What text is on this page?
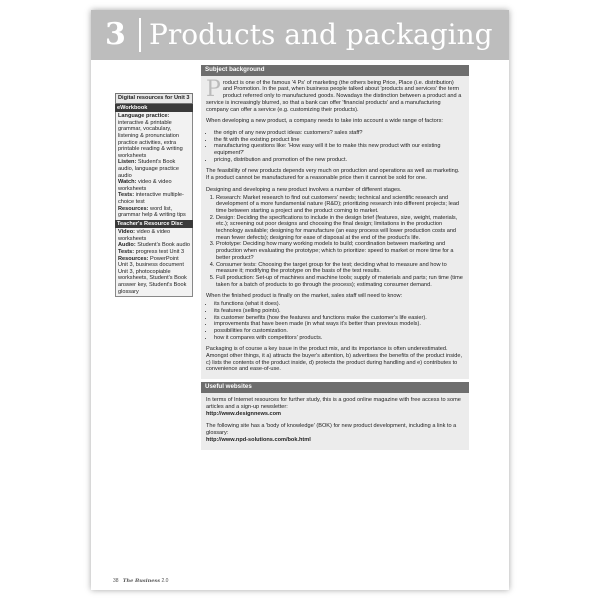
3 Products and packaging
Digital resources for Unit 3
eWorkbook
Language practice: interactive & printable grammar, vocabulary, listening & pronunciation practice activities, extra printable reading & writing worksheets
Listen: Student's Book audio, language practice audio
Watch: video & video worksheets
Tests: interactive multiple-choice test
Resources: word list, grammar help & writing tips
Teacher's Resource Disc
Video: video & video worksheets
Audio: Student's Book audio
Tests: progress test Unit 3
Resources: PowerPoint Unit 3, business document Unit 3, photocopiable worksheets, Student's Book answer key, Student's Book glossary
Subject background

Product is one of the famous '4 Ps' of marketing (the others being Price, Place (i.e. distribution) and Promotion. In the past, when business people talked about 'products and services' the term product referred only to manufactured goods. Nowadays the distinction between a product and a service is increasingly blurred, so that a bank can offer 'financial products' and a manufacturing company can offer a service (e.g. customizing their products).

When developing a new product, a company needs to take into account a wide range of factors:

• the origin of any new product ideas: customers? sales staff?
• the fit with the existing product line
• manufacturing questions like: 'How easy will it be to make this new product with our existing equipment?'
• pricing, distribution and promotion of the new product.

The feasibility of new products depends very much on production and operations as well as marketing. If a product cannot be manufactured for a reasonable price then it cannot be sold for one.

Designing and developing a new product involves a number of different stages.

1. Research: Market research to find out customers' needs; technical and scientific research and development of a more fundamental nature (R&D); prioritizing research into different projects; lead time between starting a project and the product coming to market.
2. Design: Deciding the specifications to include in the design brief (features, size, weight, materials, etc.); screening out poor designs and choosing the final design; limitations in the production technology available; designing for manufacture (an easy process will lower production costs and mean fewer defects); designing for ease of disposal at the end of the product's life.
3. Prototype: Deciding how many working models to build; coordination between marketing and production when evaluating the prototype; which to prioritize: speed to market or more time for a better product?
4. Consumer tests: Choosing the target group for the test; deciding what to measure and how to measure it; modifying the prototype on the basis of the test results.
5. Full production: Set-up of machines and machine tools; supply of materials and parts; run time (time taken for a batch of products to go through the process); estimating consumer demand.

When the finished product is finally on the market, sales staff will need to know:

• its functions (what it does).
• its features (selling points).
• its customer benefits (how the features and functions make the customer's life easier).
• improvements that have been made (in what ways it's better than previous models).
• possibilities for customization.
• how it compares with competitors' products.

Packaging is of course a key issue in the product mix, and its importance is often underestimated. Amongst other things, it a) attracts the buyer's attention, b) advertises the benefits of the product inside, c) lists the contents of the product inside, d) protects the product during handling and e) contributes to convenience and ease-of-use.

Useful websites

In terms of Internet resources for further study, this is a good online magazine with free access to some articles and a sign-up newsletter:

http://www.designnews.com

The following site has a 'body of knowledge' (BOK) for new product development, including a link to a glossary:

http://www.npd-solutions.com/bok.html

38 The Business 2.0
